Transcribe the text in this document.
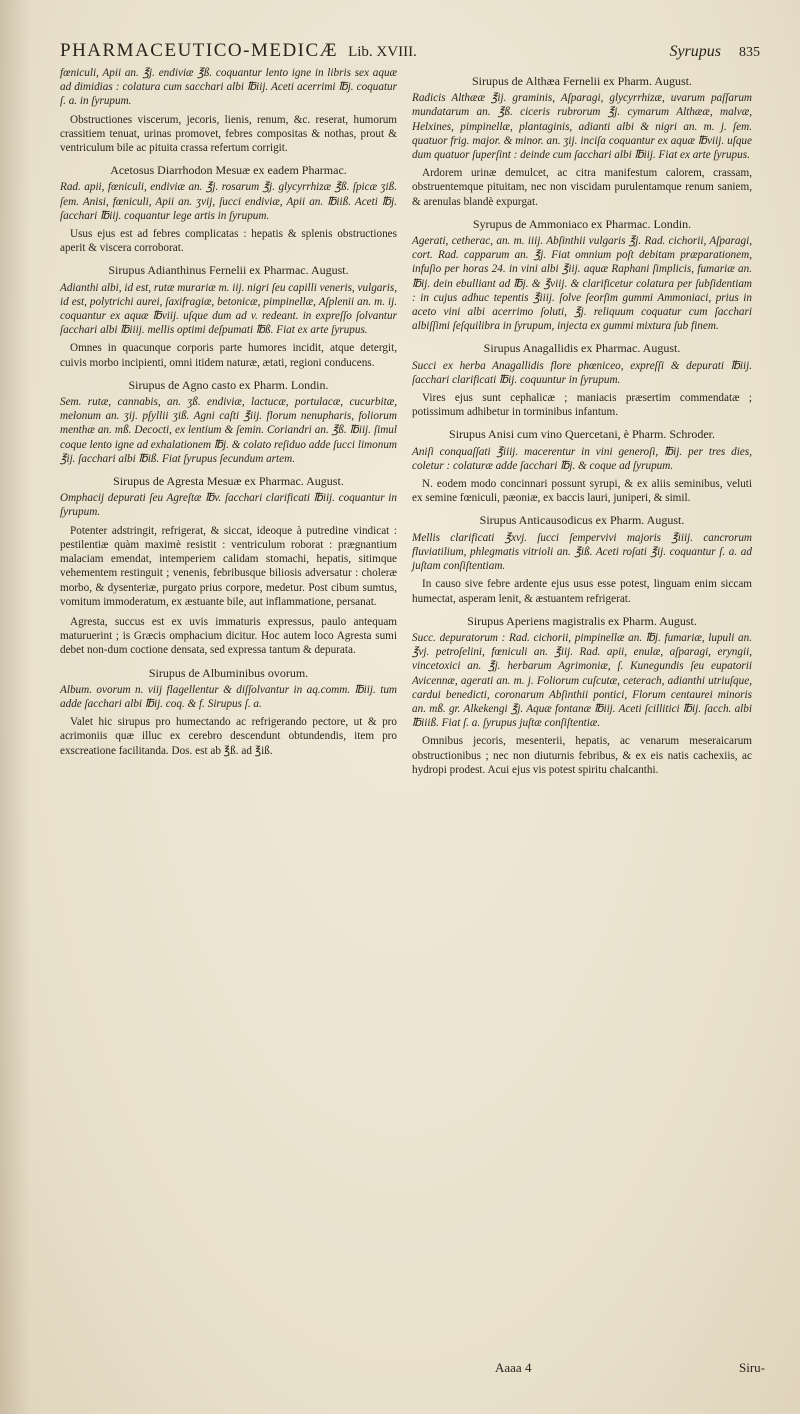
PHARMACEUTICO-MEDICÆ Lib. XVIII.	Syrupus 835
fœniculi, Apii an. ℥j. endiviæ ℥ß. coquantur lento igne in libris sex aquæ ad dimidias : colatura cum sacchari albi ℔iij. Aceti acerrimi ℔j. coquatur ſ. a. in ſyrupum.
Obstructiones viscerum, jecoris, lienis, renum, &c. reserat, humorum crassitiem tenuat, urinas promovet, febres compositas & nothas, prout & ventriculum bile ac pituita crassa refertum corrigit.
Acetosus Diarrhodon Mesuæ ex eadem Pharmac.
Rad. apii, fœniculi, endiviæ an. ℥j. rosarum ℥j. glycyrrhizæ ℥ß. ſpicæ ʒiß. ſem. Anisi, fœniculi, Apii an. ʒvij, ſucci endiviæ, Apii an. ℔iiß. Aceti ℔j. ſacchari ℔iij. coquantur lege artis in ſyrupum.
Usus ejus est ad febres complicatas : hepatis & splenis obstructiones aperit & viscera corroborat.
Sirupus Adianthinus Fernelii ex Pharmac. August.
Adianthi albi, id est, rutæ murariæ m. iij. nigri ſeu capilli veneris, vulgaris, id est, polytrichi aurei, ſaxifragiæ, betonicæ, pimpinellæ, Aſplenii an. m. ij. coquantur ex aquæ ℔viij. uſque dum ad v. redeant. in expreſſo ſolvantur ſacchari albi ℔iiij. mellis optimi deſpumati ℔ß. Fiat ex arte ſyrupus.
Omnes in quacunque corporis parte humores incidit, atque detergit, cuivis morbo incipienti, omni itidem naturæ, ætati, regioni conducens.
Sirupus de Agno casto ex Pharm. Londin.
Sem. rutæ, cannabis, an. ʒß. endiviæ, lactucæ, portulacæ, cucurbitæ, melonum an. ʒij. pſyllii ʒiß. Agni caſti ℥iij. florum nenupharis, foliorum menthæ an. mß. Decocti, ex lentium & ſemin. Coriandri an. ℥ß. ℔iij. ſimul coque lento igne ad exhalationem ℔j. & colato reſiduo adde ſucci limonum ℥ij. ſacchari albi ℔iß. Fiat ſyrupus ſecundum artem.
Sirupus de Agresta Mesuæ ex Pharmac. August.
Omphacij depurati ſeu Agreſtæ ℔v. ſacchari clarificati ℔iij. coquantur in ſyrupum.
Potenter adstringit, refrigerat, & siccat, ideoque à putredine vindicat : pestilentiæ quàm maximè resistit : ventriculum roborat : prægnantium malaciam emendat, intemperiem calidam stomachi, hepatis, sitimque vehementem restinguit ; venenis, febribusque biliosis adversatur : choleræ morbo, & dysenteriæ, purgato prius corpore, medetur. Post cibum sumtus, vomitum immoderatum, ex æstuante bile, aut inflammatione, persanat.
Agresta, succus est ex uvis immaturis expressus, paulo antequam maturuerint ; is Græcis omphacium dicitur. Hoc autem loco Agresta sumi debet non-dum coctione densata, sed expressa tantum & depurata.
Sirupus de Albuminibus ovorum.
Album. ovorum n. viij flagellentur & diſſolvantur in aq.comm. ℔iij. tum adde ſacchari albi ℔ij. coq. & f. Sirupus ſ. a.
Valet hic sirupus pro humectando ac refrigerando pectore, ut & pro acrimoniis quæ illuc ex cerebro descendunt obtundendis, item pro exscreatione facilitanda. Dos. est ab ℥ß. ad ℥iß.
Sirupus de Althæa Fernelii ex Pharm. August.
Radicis Althææ ℥ij. graminis, Aſparagi, glycyrrhizæ, uvarum paſſarum mundatarum an. ℥ß. ciceris rubrorum ℥j. cymarum Althææ, malvæ, Helxines, pimpinellæ, plantaginis, adianti albi & nigri an. m. j. ſem. quatuor frig. major. & minor. an. ʒij. inciſa coquantur ex aquæ ℔viij. uſque dum quatuor ſuperſint : deinde cum ſacchari albi ℔iij. Fiat ex arte ſyrupus.
Ardorem urinæ demulcet, ac citra manifestum calorem, crassam, obstruentemque pituitam, nec non viscidam purulentamque renum saniem, & arenulas blandè expurgat.
Syrupus de Ammoniaco ex Pharmac. Londin.
Agerati, cetherac, an. m. iiij. Abſinthii vulgaris ℥j. Rad. cichorii, Aſparagi, cort. Rad. capparum an. ℥j. Fiat omnium poſt debitam præparationem, infuſio per horas 24. in vini albi ℥iij. aquæ Raphani ſimplicis, fumariæ an. ℔ij. dein ebulliant ad ℔j. & ℥viij. & clarificetur colatura per ſubſidentiam : in cujus adhuc tepentis ℥iiij. ſolve ſeorſim gummi Ammoniaci, prius in aceto vini albi acerrimo ſoluti, ℥j. reliquum coquatur cum ſacchari albiſſimi ſeſquilibra in ſyrupum, injecta ex gummi mixtura ſub finem.
Sirupus Anagallidis ex Pharmac. August.
Succi ex herba Anagallidis flore phœniceo, expreſſi & depurati ℔iij. ſacchari clarificati ℔ij. coquuntur in ſyrupum.
Vires ejus sunt cephalicæ ; maniacis præsertim commendatæ ; potissimum adhibetur in torminibus infantum.
Sirupus Anisi cum vino Quercetani, è Pharm. Schroder.
Aniſi conquaſſati ℥iiij. macerentur in vini generoſi, ℔ij. per tres dies, coletur : colaturæ adde ſacchari ℔j. & coque ad ſyrupum.
N. eodem modo concinnari possunt syrupi, & ex aliis seminibus, veluti ex semine fœniculi, pæoniæ, ex baccis lauri, juniperi, & simil.
Sirupus Anticausodicus ex Pharm. August.
Mellis clarificati ℥xvj. ſucci ſempervivi majoris ℥iiij. cancrorum fluviatilium, phlegmatis vitrioli an. ℥iß. Aceti roſati ℥ij. coquantur ſ. a. ad juſtam conſiſtentiam.
In causo sive febre ardente ejus usus esse potest, linguam enim siccam humectat, asperam lenit, & æstuantem refrigerat.
Sirupus Aperiens magistralis ex Pharm. August.
Succ. depuratorum : Rad. cichorii, pimpinellæ an. ℔j. fumariæ, lupuli an. ℥vj. petroſelini, fœniculi an. ℥iij. Rad. apii, enulæ, aſparagi, eryngii, vincetoxici an. ℥j. herbarum Agrimoniæ, ſ. Kunegundis ſeu eupatorii Avicennæ, agerati an. m. j. Foliorum cuſcutæ, ceterach, adianthi utriuſque, cardui benedicti, coronarum Abſinthii pontici, Florum centaurei minoris an. mß. gr. Alkekengi ℥j. Aquæ fontanæ ℔iij. Aceti ſcillitici ℔ij. ſacch. albi ℔iiiß. Fiat ſ. a. ſyrupus juſtæ conſiſtentiæ.
Omnibus jecoris, mesenterii, hepatis, ac venarum meseraicarum obstructionibus ; nec non diuturnis febribus, & ex eis natis cachexiis, ac hydropi prodest. Acui ejus vis potest spiritu chalcanthi.
Aaaa 4	Siru-
